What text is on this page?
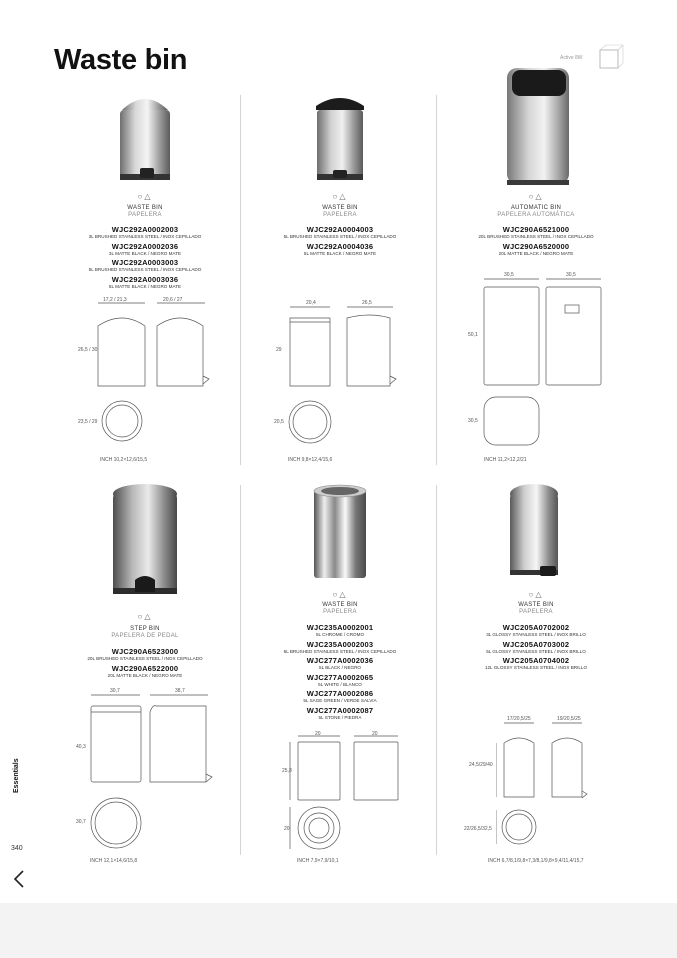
Waste bin	Active 8W
○△
WASTE BIN
PAPELERA
WJC292A0002003
3L BRUSHED STAINLESS STEEL / INOX CEPILLADO
WJC292A0002036
3L MATTE BLACK / NEGRO MATE
WJC292A0003003
5L BRUSHED STAINLESS STEEL / INOX CEPILLADO
WJC292A0003036
5L MATTE BLACK / NEGRO MATE
17,2 / 21,3	20,6 / 27
26,5 / 30
23,5 / 29
INCH 10,2×12,6/15,5
○△
WASTE BIN
PAPELERA
WJC292A0004003
5L BRUSHED STAINLESS STEEL / INOX CEPILLADO
WJC292A0004036
5L MATTE BLACK / NEGRO MATE
20,4	26,5
29
20,5
INCH 9,8×12,4/15,6
○△
AUTOMATIC BIN
PAPELERA AUTOMÁTICA
WJC290A6521000
20L BRUSHED STAINLESS STEEL / INOX CEPILLADO
WJC290A6520000
20L MATTE BLACK / NEGRO MATE
30,5	30,5
50,1
30,5
INCH 11,2×12,2/21
○△
STEP BIN
PAPELERA DE PEDAL
WJC290A6523000
20L BRUSHED STAINLESS STEEL / INOX CEPILLADO
WJC290A6522000
20L MATTE BLACK / NEGRO MATE
30,7	38,7
40,3
30,7
INCH 12,1×14,6/15,8
○△
WASTE BIN
PAPELERA
WJC235A0002001
5L CHROME / CROMO
WJC235A0002003
5L BRUSHED STAINLESS STEEL / INOX CEPILLADO
WJC277A0002036
5L BLACK / NEGRO
WJC277A0002065
5L WHITE / BLANCO
WJC277A0002086
5L SAGE GREEN / VERDE SALVIA
WJC277A0002087
5L STONE / PIEDRA
20	20
25,8
20
INCH 7,9×7,9/10,1
○△
WASTE BIN
PAPELERA
WJC205A0702002
3L GLOSSY STAINLESS STEEL / INOX BRILLO
WJC205A0703002
5L GLOSSY STAINLESS STEEL / INOX BRILLO
WJC205A0704002
12L GLOSSY STAINLESS STEEL / INOX BRILLO
17/20,5/25	19/20,5/25
24,5/29/40
22/26,5/32,5
INCH 6,7/8,1/9,8×7,3/8,1/9,8×9,4/11,4/15,7
Essentials
340
